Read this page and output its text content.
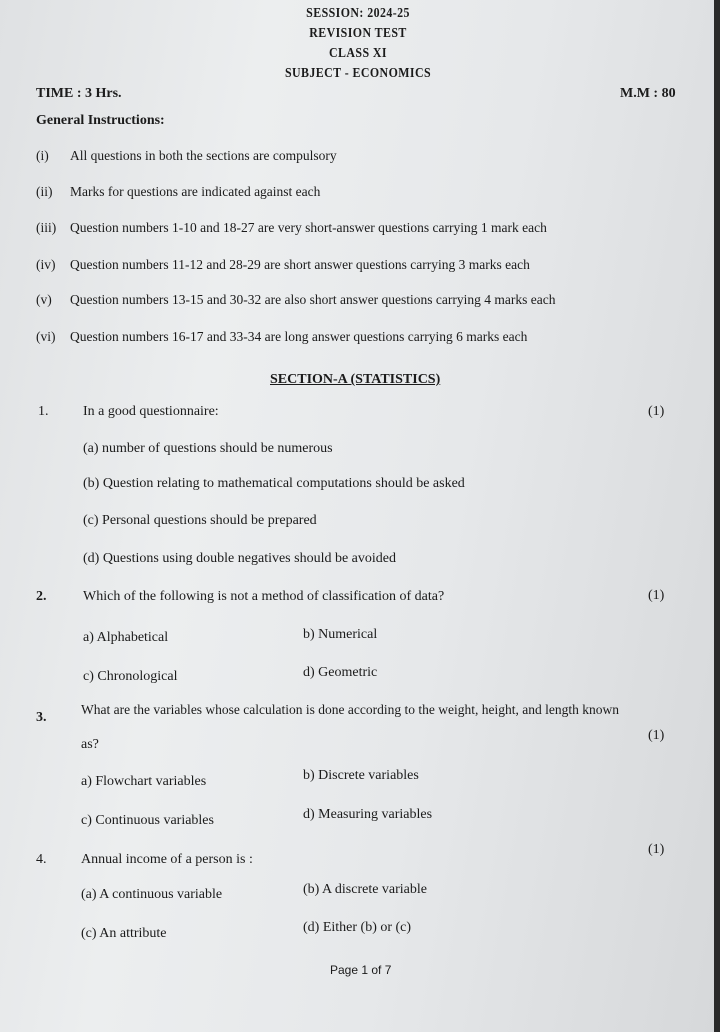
SESSION: 2024-25
REVISION TEST
CLASS XI
SUBJECT - ECONOMICS
TIME : 3 Hrs.	M.M : 80
General Instructions:
(i) All questions in both the sections are compulsory
(ii) Marks for questions are indicated against each
(iii) Question numbers 1-10 and 18-27 are very short-answer questions carrying 1 mark each
(iv) Question numbers 11-12 and 28-29 are short answer questions carrying 3 marks each
(v) Question numbers 13-15 and 30-32 are also short answer questions carrying 4 marks each
(vi) Question numbers 16-17 and 33-34 are long answer questions carrying 6 marks each
SECTION-A (STATISTICS)
1. In a good questionnaire:	(1)
(a) number of questions should be numerous
(b) Question relating to mathematical computations should be asked
(c) Personal questions should be prepared
(d) Questions using double negatives should be avoided
2.	Which of the following is not a method of classification of data?	(1)
a) Alphabetical	b) Numerical
c) Chronological	d) Geometric
3.
What are the variables whose calculation is done according to the weight, height, and length known
as?
(1)
a) Flowchart variables	b) Discrete variables
c) Continuous variables	d) Measuring variables
4. Annual income of a person is :
(1)
(a) A continuous variable	(b) A discrete variable
(c) An attribute	(d) Either (b) or (c)
Page 1 of 7
